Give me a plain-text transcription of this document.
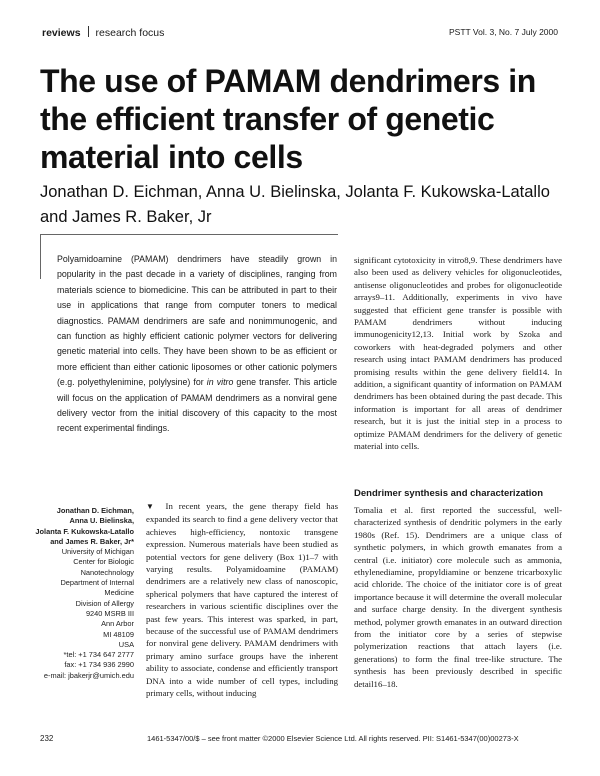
reviews research focus	PSTT Vol. 3, No. 7 July 2000
The use of PAMAM dendrimers in the efficient transfer of genetic material into cells
Jonathan D. Eichman, Anna U. Bielinska, Jolanta F. Kukowska-Latallo and James R. Baker, Jr

Polyamidoamine (PAMAM) dendrimers have steadily grown in popularity in the past decade in a variety of disciplines, ranging from materials science to biomedicine. This can be attributed in part to their use in applications that range from computer toners to medical diagnostics. PAMAM dendrimers are safe and nonimmunogenic, and can function as highly efficient cationic polymer vectors for delivering genetic material into cells. They have been shown to be as efficient or more efficient than either cationic liposomes or other cationic polymers (e.g. polyethylenimine, polylysine) for in vitro gene transfer. This article will focus on the application of PAMAM dendrimers as a nonviral gene delivery vector from the initial discovery of this capacity to the most recent experimental findings.

significant cytotoxicity in vitro8,9. These dendrimers have also been used as delivery vehicles for oligonucleotides, antisense oligonucleotides and probes for oligonucleotide arrays9–11. Additionally, experiments in vivo have suggested that efficient gene transfer is possible with PAMAM dendrimers without inducing immunogenicity12,13. Initial work by Szoka and coworkers with heat-degraded polymers and other research using intact PAMAM dendrimers has produced promising results within the gene delivery field14. In addition, a significant quantity of information on PAMAM dendrimers has been obtained during the past decade. This information is important for all areas of dendrimer research, but it is just the initial step in a process to optimize PAMAM dendrimers for the delivery of genetic material into cells.

Dendrimer synthesis and characterization

Tomalia et al. first reported the successful, well-characterized synthesis of dendritic polymers in the early 1980s (Ref. 15). Dendrimers are a unique class of synthetic polymers, in which growth emanates from a central (i.e. initiator) core molecule such as ammonia, ethylenediamine, propyldiamine or benzene tricarboxylic acid chloride. The choice of the initiator core is of great importance because it will determine the overall molecular and surface charge density. In the divergent synthesis method, polymer growth emanates in an outward direction from the initiator core by a series of stepwise polymerization reactions that attach layers (i.e. generations) to form the final tree-like structure. The synthesis has been previously described in specific detail16–18.

Jonathan D. Eichman,
Anna U. Bielinska,
Jolanta F. Kukowska-Latallo
and James R. Baker, Jr*
University of Michigan
Center for Biologic
Nanotechnology
Department of Internal
Medicine
Division of Allergy
9240 MSRB III
Ann Arbor
MI 48109
USA
*tel: +1 734 647 2777
fax: +1 734 936 2990
e-mail: jbakerjr@umich.edu

▼ In recent years, the gene therapy field has expanded its search to find a gene delivery vector that achieves high-efficiency, nontoxic transgene expression. Numerous materials have been studied as potential vectors for gene delivery (Box 1)1–7 with varying results. Polyamidoamine (PAMAM) dendrimers are a relatively new class of nanoscopic, spherical polymers that have captured the interest of researchers in various scientific disciplines over the past few years. This interest was sparked, in part, because of the successful use of PAMAM dendrimers for nonviral gene delivery. PAMAM dendrimers with primary amino surface groups have the inherent ability to associate, condense and efficiently transport DNA into a wide number of cell types, including primary cells, without inducing

232	1461-5347/00/$ – see front matter ©2000 Elsevier Science Ltd. All rights reserved. PII: S1461-5347(00)00273-X
